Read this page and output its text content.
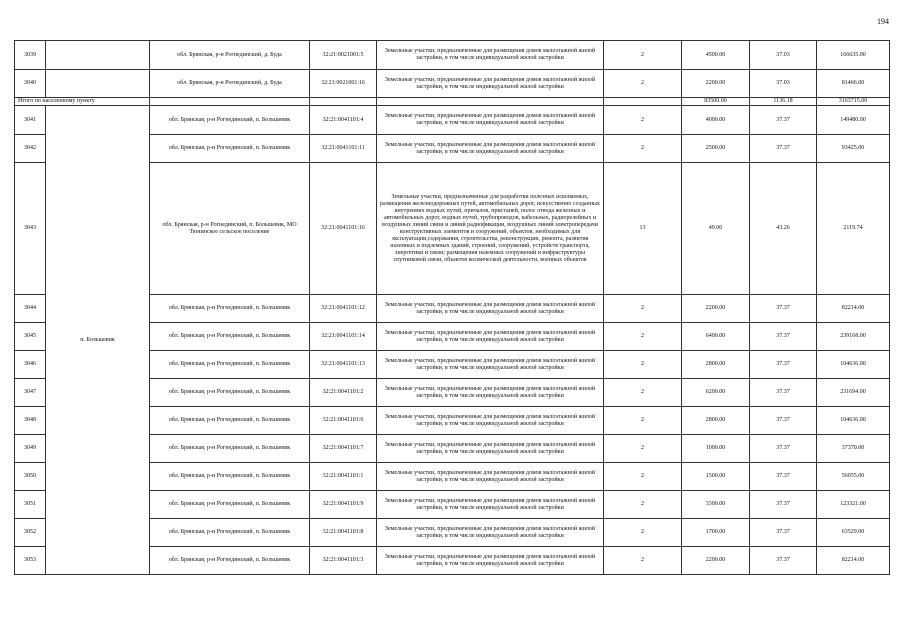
194
3039		обл. Брянская, р-н Рогнединский, д. Буда	32:21:0021001:5	Земельные участки, предназначенные для размещения домов малоэтажной жилой застройки, в том числе индивидуальной жилой застройки	2	4500.00	37.03	166635.00
3040		обл. Брянская, р-н Рогнединский, д. Буда	32:21:0021001:16	Земельные участки, предназначенные для размещения домов малоэтажной жилой застройки, в том числе индивидуальной жилой застройки	2	2200.00	37.03	81466.00
Итого по населенному пункту						83500.00	1136.18	3163715.00
3041	п. Большевик	обл. Брянская, р-н Рогнединский, п. Большевик	32:21:0041101:4	Земельные участки, предназначенные для размещения домов малоэтажной жилой застройки, в том числе индивидуальной жилой застройки	2	4000.00	37.37	149480.00
3042		обл. Брянская, р-н Рогнединский, п. Большевик	32:21:0041101:11	Земельные участки, предназначенные для размещения домов малоэтажной жилой застройки, в том числе индивидуальной жилой застройки	2	2500.00	37.37	93425.00
3043		обл. Брянская, р-н Рогнединский, п. Большевик, МО Тюнинское сельское поселение	32:21:0041101:16	Земельные участки, предназначенные для разработки полезных ископаемых, размещения железнодорожных путей, автомобильных дорог, искусственно созданных внутренних водных путей, причалов, пристаней, полос отвода железных и автомобильных дорог, водных путей, трубопроводов, кабельных, радиорелейных и воздушных линий связи и линий радиофикации, воздушных линий электропередачи конструктивных элементов и сооружений, объектов, необходимых для эксплуатации,содержания, строительства, реконструкции, ремонта, развития наземных и подземных зданий, строений, сооружений, устройств транспорта, энергетики и связи; размещения наземных сооружений и инфраструктуры спутниковой связи, объектов космической деятельности, военных объектов	13	49.00	43.26	2119.74
3044		обл. Брянская, р-н Рогнединский, п. Большевик	32:21:0041101:12	Земельные участки, предназначенные для размещения домов малоэтажной жилой застройки, в том числе индивидуальной жилой застройки	2	2200.00	37.37	82214.00
3045		обл. Брянская, р-н Рогнединский, п. Большевик	32:21:0041101:14	Земельные участки, предназначенные для размещения домов малоэтажной жилой застройки, в том числе индивидуальной жилой застройки	2	6400.00	37.37	239168.00
3046		обл. Брянская, р-н Рогнединский, п. Большевик	32:21:0041101:13	Земельные участки, предназначенные для размещения домов малоэтажной жилой застройки, в том числе индивидуальной жилой застройки	2	2800.00	37.37	104636.00
3047		обл. Брянская, р-н Рогнединский, п. Большевик	32:21:0041101:2	Земельные участки, предназначенные для размещения домов малоэтажной жилой застройки, в том числе индивидуальной жилой застройки	2	6200.00	37.37	231694.00
3048		обл. Брянская, р-н Рогнединский, п. Большевик	32:21:0041101:6	Земельные участки, предназначенные для размещения домов малоэтажной жилой застройки, в том числе индивидуальной жилой застройки	2	2800.00	37.37	104636.00
3049		обл. Брянская, р-н Рогнединский, п. Большевик	32:21:0041101:7	Земельные участки, предназначенные для размещения домов малоэтажной жилой застройки, в том числе индивидуальной жилой застройки	2	1000.00	37.37	37370.00
3050		обл. Брянская, р-н Рогнединский, п. Большевик	32:21:0041101:1	Земельные участки, предназначенные для размещения домов малоэтажной жилой застройки, в том числе индивидуальной жилой застройки	2	1500.00	37.37	56055.00
3051		обл. Брянская, р-н Рогнединский, п. Большевик	32:21:0041101:9	Земельные участки, предназначенные для размещения домов малоэтажной жилой застройки, в том числе индивидуальной жилой застройки	2	3300.00	37.37	123321.00
3052		обл. Брянская, р-н Рогнединский, п. Большевик	32:21:0041101:8	Земельные участки, предназначенные для размещения домов малоэтажной жилой застройки, в том числе индивидуальной жилой застройки	2	1700.00	37.37	63529.00
3053		обл. Брянская, р-н Рогнединский, п. Большевик	32:21:0041101:3	Земельные участки, предназначенные для размещения домов малоэтажной жилой застройки, в том числе индивидуальной жилой застройки	2	2200.00	37.37	82214.00
